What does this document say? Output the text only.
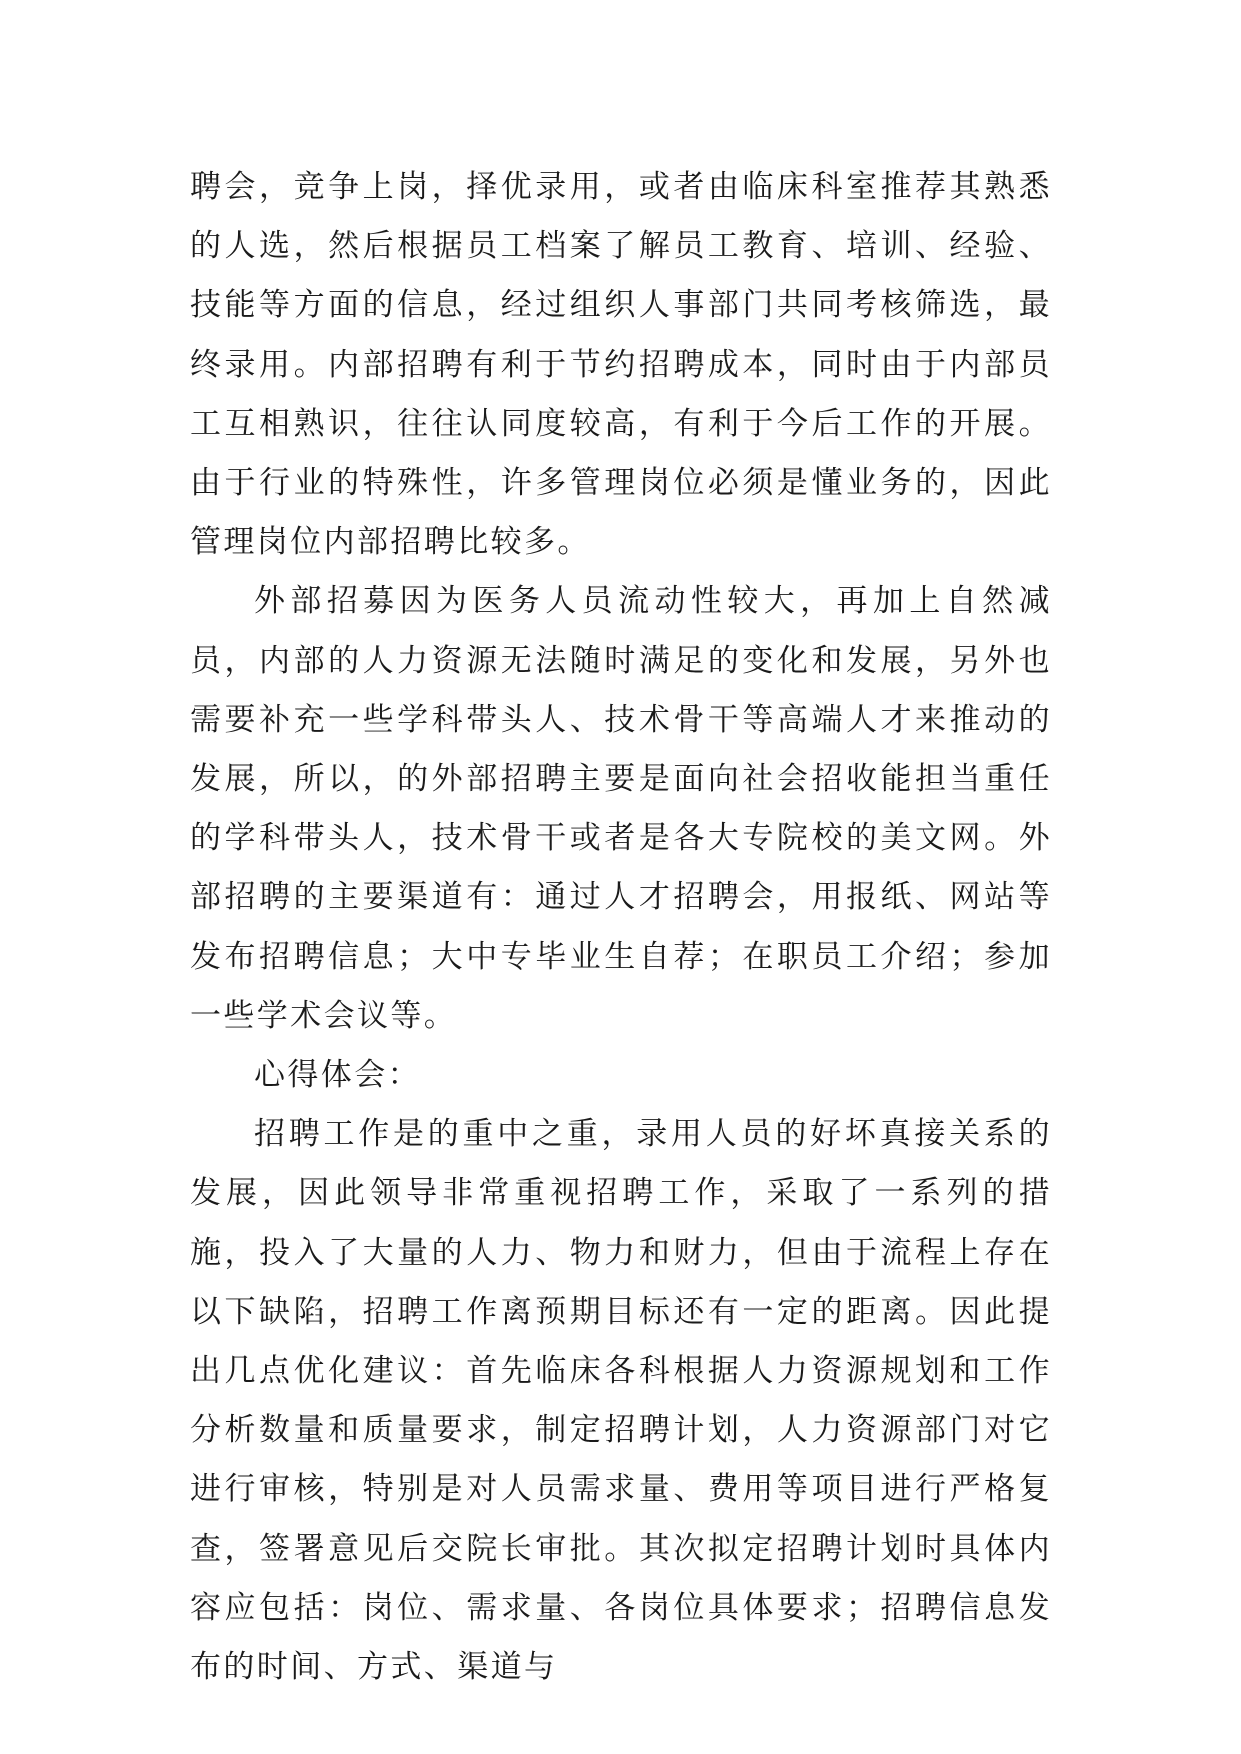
聘会，竞争上岗，择优录用，或者由临床科室推荐其熟悉的人选，然后根据员工档案了解员工教育、培训、经验、技能等方面的信息，经过组织人事部门共同考核筛选，最终录用。内部招聘有利于节约招聘成本，同时由于内部员工互相熟识，往往认同度较高，有利于今后工作的开展。由于行业的特殊性，许多管理岗位必须是懂业务的，因此管理岗位内部招聘比较多。

外部招募因为医务人员流动性较大，再加上自然减员，内部的人力资源无法随时满足的变化和发展，另外也需要补充一些学科带头人、技术骨干等高端人才来推动的发展，所以，的外部招聘主要是面向社会招收能担当重任的学科带头人，技术骨干或者是各大专院校的美文网。外部招聘的主要渠道有：通过人才招聘会，用报纸、网站等发布招聘信息；大中专毕业生自荐；在职员工介绍；参加一些学术会议等。

心得体会：

招聘工作是的重中之重，录用人员的好坏真接关系的发展，因此领导非常重视招聘工作，采取了一系列的措施，投入了大量的人力、物力和财力，但由于流程上存在以下缺陷，招聘工作离预期目标还有一定的距离。因此提出几点优化建议：首先临床各科根据人力资源规划和工作分析数量和质量要求，制定招聘计划，人力资源部门对它进行审核，特别是对人员需求量、费用等项目进行严格复查，签署意见后交院长审批。其次拟定招聘计划时具体内容应包括：岗位、需求量、各岗位具体要求；招聘信息发布的时间、方式、渠道与
